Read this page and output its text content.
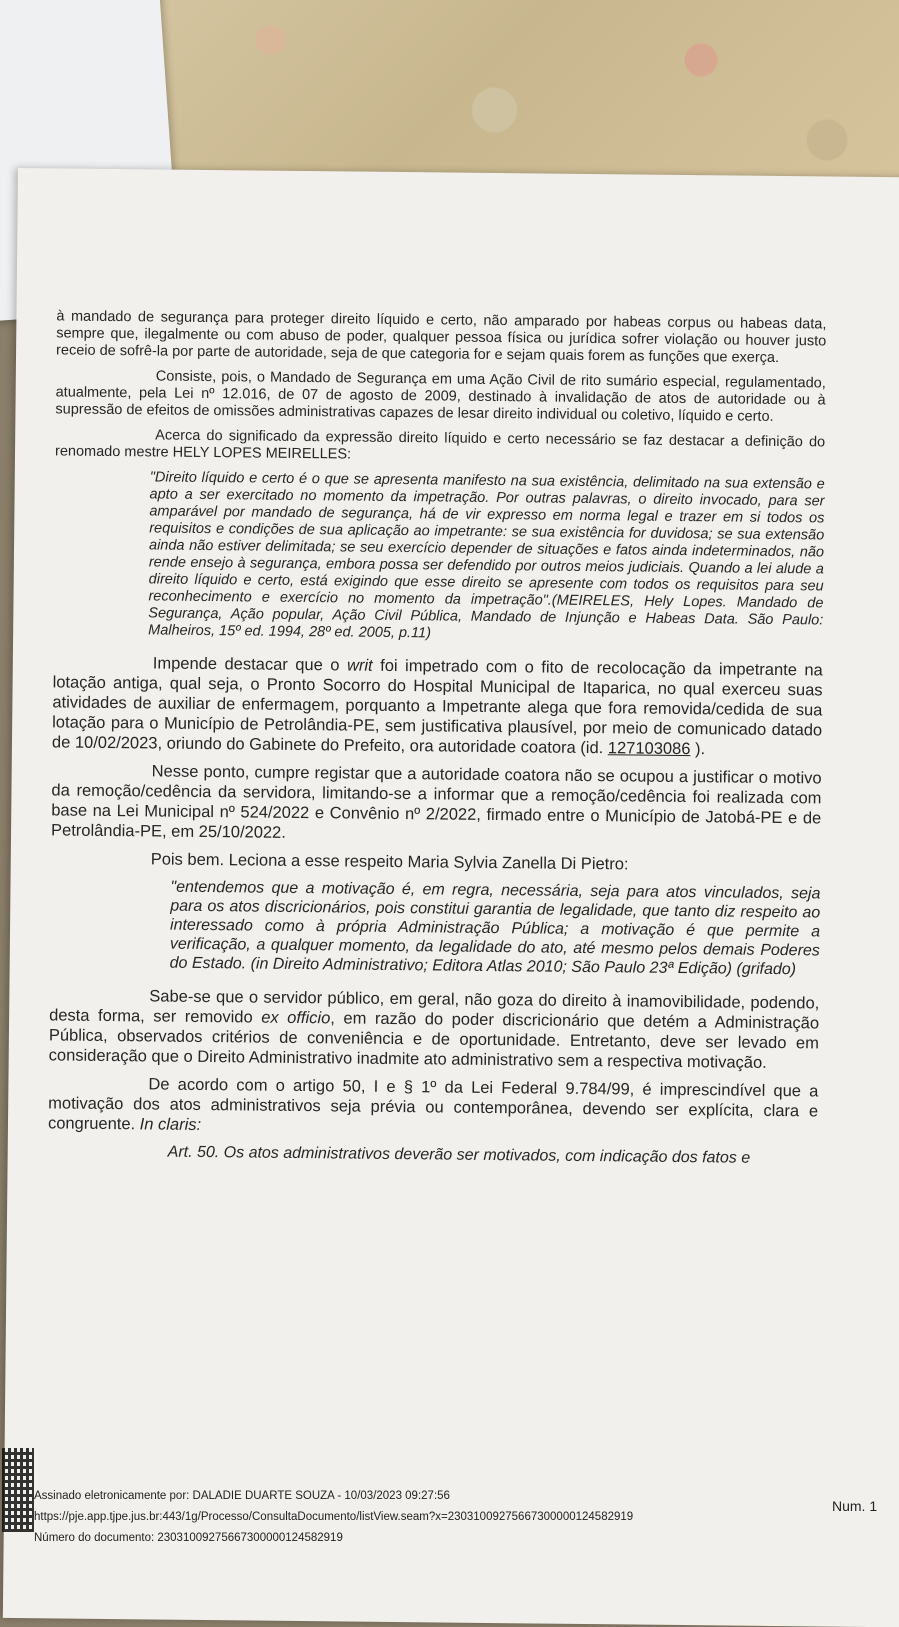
à mandado de segurança para proteger direito líquido e certo, não amparado por habeas corpus ou habeas data, sempre que, ilegalmente ou com abuso de poder, qualquer pessoa física ou jurídica sofrer violação ou houver justo receio de sofrê-la por parte de autoridade, seja de que categoria for e sejam quais forem as funções que exerça.

Consiste, pois, o Mandado de Segurança em uma Ação Civil de rito sumário especial, regulamentado, atualmente, pela Lei nº 12.016, de 07 de agosto de 2009, destinado à invalidação de atos de autoridade ou à supressão de efeitos de omissões administrativas capazes de lesar direito individual ou coletivo, líquido e certo.

Acerca do significado da expressão direito líquido e certo necessário se faz destacar a definição do renomado mestre HELY LOPES MEIRELLES:

"Direito líquido e certo é o que se apresenta manifesto na sua existência, delimitado na sua extensão e apto a ser exercitado no momento da impetração. Por outras palavras, o direito invocado, para ser amparável por mandado de segurança, há de vir expresso em norma legal e trazer em si todos os requisitos e condições de sua aplicação ao impetrante: se sua existência for duvidosa; se sua extensão ainda não estiver delimitada; se seu exercício depender de situações e fatos ainda indeterminados, não rende ensejo à segurança, embora possa ser defendido por outros meios judiciais. Quando a lei alude a direito líquido e certo, está exigindo que esse direito se apresente com todos os requisitos para seu reconhecimento e exercício no momento da impetração".(MEIRELES, Hely Lopes. Mandado de Segurança, Ação popular, Ação Civil Pública, Mandado de Injunção e Habeas Data. São Paulo: Malheiros, 15º ed. 1994, 28º ed. 2005, p.11)

Impende destacar que o writ foi impetrado com o fito de recolocação da impetrante na lotação antiga, qual seja, o Pronto Socorro do Hospital Municipal de Itaparica, no qual exerceu suas atividades de auxiliar de enfermagem, porquanto a Impetrante alega que fora removida/cedida de sua lotação para o Município de Petrolândia-PE, sem justificativa plausível, por meio de comunicado datado de 10/02/2023, oriundo do Gabinete do Prefeito, ora autoridade coatora (id. 127103086 ).

Nesse ponto, cumpre registar que a autoridade coatora não se ocupou a justificar o motivo da remoção/cedência da servidora, limitando-se a informar que a remoção/cedência foi realizada com base na Lei Municipal nº 524/2022 e Convênio nº 2/2022, firmado entre o Município de Jatobá-PE e de Petrolândia-PE, em 25/10/2022.

Pois bem. Leciona a esse respeito Maria Sylvia Zanella Di Pietro:

"entendemos que a motivação é, em regra, necessária, seja para atos vinculados, seja para os atos discricionários, pois constitui garantia de legalidade, que tanto diz respeito ao interessado como à própria Administração Pública; a motivação é que permite a verificação, a qualquer momento, da legalidade do ato, até mesmo pelos demais Poderes do Estado. (in Direito Administrativo; Editora Atlas 2010; São Paulo 23ª Edição) (grifado)

Sabe-se que o servidor público, em geral, não goza do direito à inamovibilidade, podendo, desta forma, ser removido ex officio, em razão do poder discricionário que detém a Administração Pública, observados critérios de conveniência e de oportunidade. Entretanto, deve ser levado em consideração que o Direito Administrativo inadmite ato administrativo sem a respectiva motivação.

De acordo com o artigo 50, I e § 1º da Lei Federal 9.784/99, é imprescindível que a motivação dos atos administrativos seja prévia ou contemporânea, devendo ser explícita, clara e congruente. In claris:

Art. 50. Os atos administrativos deverão ser motivados, com indicação dos fatos e

Assinado eletronicamente por: DALADIE DUARTE SOUZA - 10/03/2023 09:27:56
https://pje.app.tjpe.jus.br:443/1g/Processo/ConsultaDocumento/listView.seam?x=23031009275667300000124582919
Número do documento: 23031009275667300000124582919
Num. 1
